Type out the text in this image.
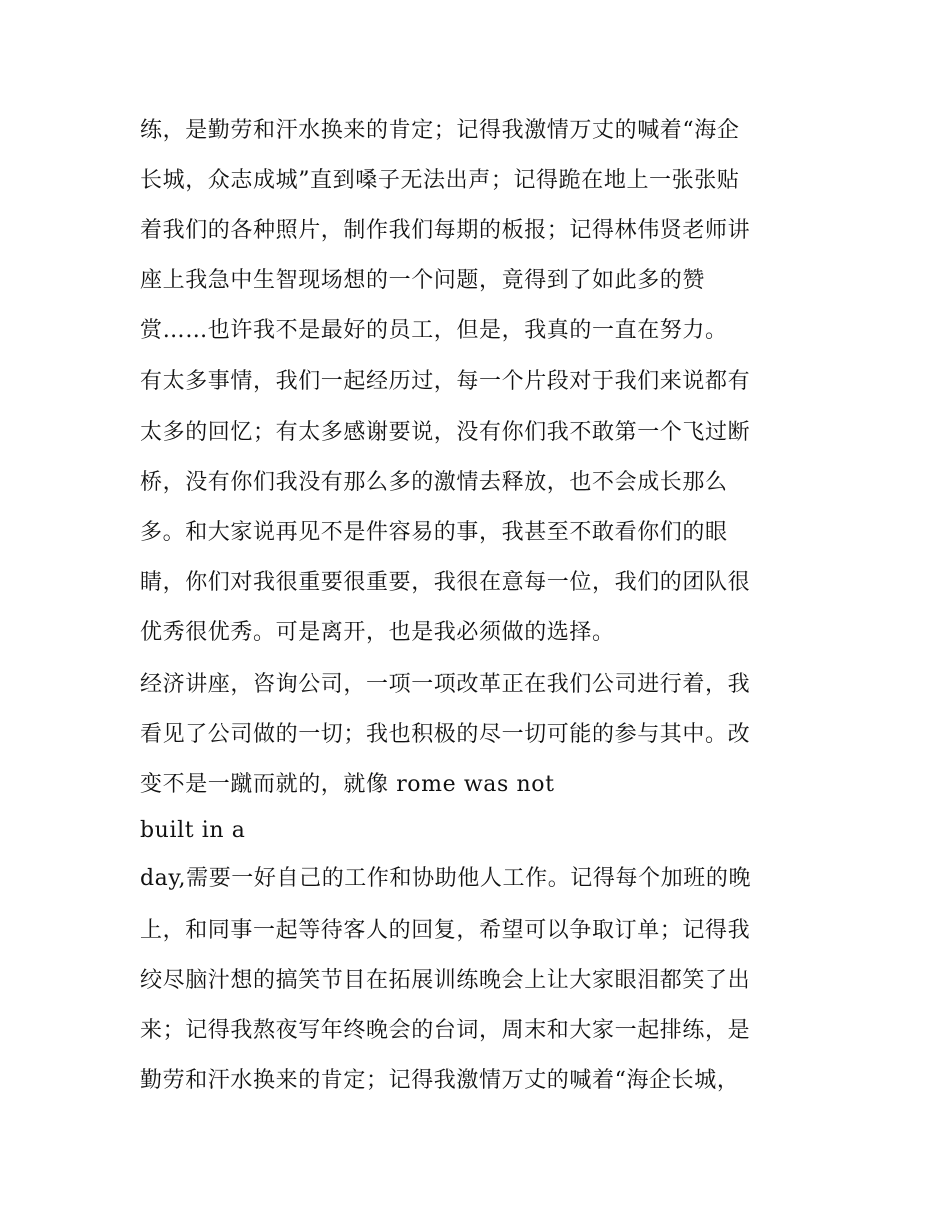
练，是勤劳和汗水换来的肯定；记得我激情万丈的喊着“海企
长城，众志成城”直到嗓子无法出声；记得跪在地上一张张贴
着我们的各种照片，制作我们每期的板报；记得林伟贤老师讲
座上我急中生智现场想的一个问题，竟得到了如此多的赞
赏……也许我不是最好的员工，但是，我真的一直在努力。
有太多事情，我们一起经历过，每一个片段对于我们来说都有
太多的回忆；有太多感谢要说，没有你们我不敢第一个飞过断
桥，没有你们我没有那么多的激情去释放，也不会成长那么
多。和大家说再见不是件容易的事，我甚至不敢看你们的眼
睛，你们对我很重要很重要，我很在意每一位，我们的团队很
优秀很优秀。可是离开，也是我必须做的选择。
经济讲座，咨询公司，一项一项改革正在我们公司进行着，我
看见了公司做的一切；我也积极的尽一切可能的参与其中。改
变不是一蹴而就的，就像 rome was not
built in a
day,需要一好自己的工作和协助他人工作。记得每个加班的晚
上，和同事一起等待客人的回复，希望可以争取订单；记得我
绞尽脑汁想的搞笑节目在拓展训练晚会上让大家眼泪都笑了出
来；记得我熬夜写年终晚会的台词，周末和大家一起排练，是
勤劳和汗水换来的肯定；记得我激情万丈的喊着“海企长城，
